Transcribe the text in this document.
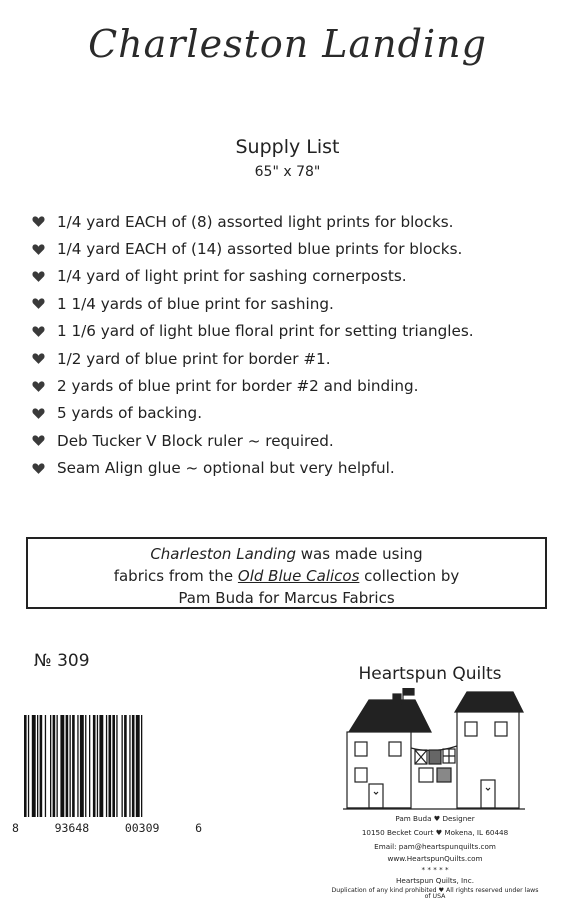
Charleston Landing
Supply List
65" x 78"
1/4 yard EACH of (8) assorted light prints for blocks.
1/4 yard EACH of (14) assorted blue prints for blocks.
1/4 yard of light print for sashing cornerposts.
1 1/4 yards of blue print for sashing.
1 1/6 yard of light blue floral print for setting triangles.
1/2 yard of blue print for border #1.
2 yards of blue print for border #2 and binding.
5 yards of backing.
Deb Tucker V Block ruler ~ required.
Seam Align glue ~ optional but very helpful.
Charleston Landing was made using
fabrics from the Old Blue Calicos collection by
Pam Buda for Marcus Fabrics
№ 309
8	93648	00309	6
Heartspun Quilts
Pam Buda ♥ Designer
10150 Becket Court ♥ Mokena, IL 60448
Email: pam@heartspunquilts.com
www.HeartspunQuilts.com
* * * * *
Heartspun Quilts, Inc.
Duplication of any kind prohibited ♥ All rights reserved under laws of USA
